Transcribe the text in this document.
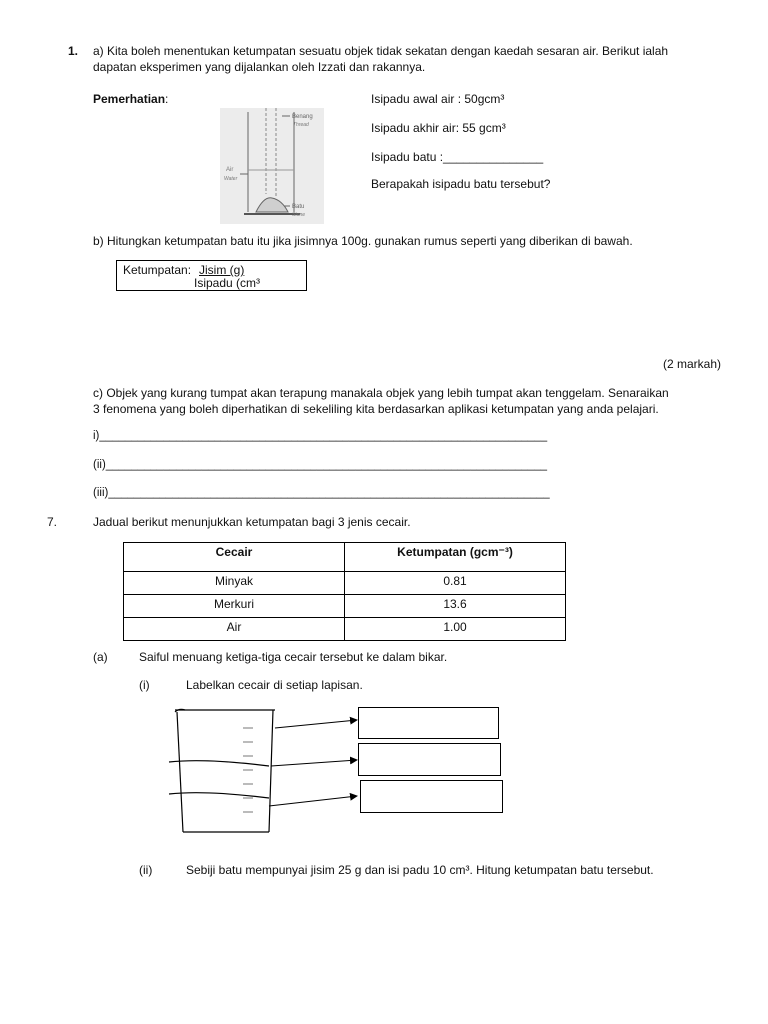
1. a) Kita boleh menentukan ketumpatan sesuatu objek tidak sekatan dengan kaedah sesaran air. Berikut ialah
dapatan eksperimen yang dijalankan oleh Izzati dan rakannya.
Pemerhatian:	Isipadu awal air : 50gcm³
Isipadu akhir air: 55 gcm³
Isipadu batu :_______________
Berapakah isipadu batu tersebut?
Benang
Thread
Air
Water
Batu
Stone
b) Hitungkan ketumpatan batu itu jika jisimnya 100g. gunakan rumus seperti yang diberikan di bawah.
Ketumpatan: Jisim (g)
Isipadu (cm³
(2 markah)
c) Objek yang kurang tumpat akan terapung manakala objek yang lebih tumpat akan tenggelam. Senaraikan
3 fenomena yang boleh diperhatikan di sekeliling kita berdasarkan aplikasi ketumpatan yang anda pelajari.
i)______________________________________________________________________
(ii)_____________________________________________________________________
(iii)_____________________________________________________________________
7.	Jadual berikut menunjukkan ketumpatan bagi 3 jenis cecair.
Cecair	Ketumpatan (gcm⁻³)
Minyak	0.81
Merkuri	13.6
Air	1.00
(a)	Saiful menuang ketiga-tiga cecair tersebut ke dalam bikar.
(i)	Labelkan cecair di setiap lapisan.
(ii)	Sebiji batu mempunyai jisim 25 g dan isi padu 10 cm³. Hitung ketumpatan batu tersebut.
